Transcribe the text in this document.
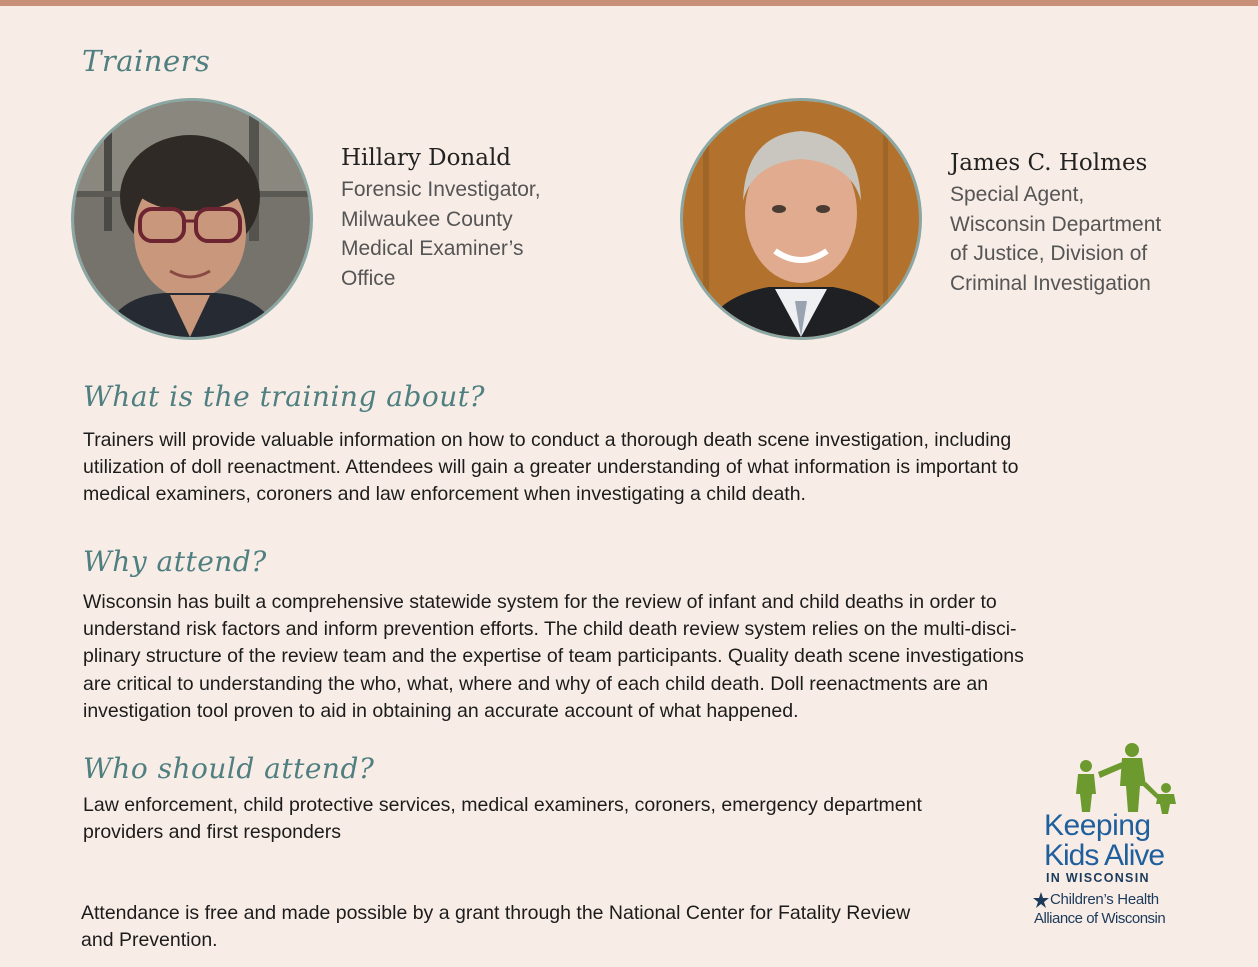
Trainers

Hillary Donald

Forensic Investigator,
Milwaukee County
Medical Examiner’s
Office

James C. Holmes

Special Agent,
Wisconsin Department
of Justice, Division of
Criminal Investigation

What is the training about?

Trainers will provide valuable information on how to conduct a thorough death scene investigation, including
utilization of doll reenactment. Attendees will gain a greater understanding of what information is important to
medical examiners, coroners and law enforcement when investigating a child death.

Why attend?

Wisconsin has built a comprehensive statewide system for the review of infant and child deaths in order to
understand risk factors and inform prevention efforts. The child death review system relies on the multi-disci-
plinary structure of the review team and the expertise of team participants. Quality death scene investigations
are critical to understanding the who, what, where and why of each child death. Doll reenactments are an
investigation tool proven to aid in obtaining an accurate account of what happened.

Who should attend?

Law enforcement, child protective services, medical examiners, coroners, emergency department
providers and first responders

Attendance is free and made possible by a grant through the National Center for Fatality Review
and Prevention.

Keeping

Kids Alive

IN WISCONSIN

Children’s Health

Alliance of Wisconsin
